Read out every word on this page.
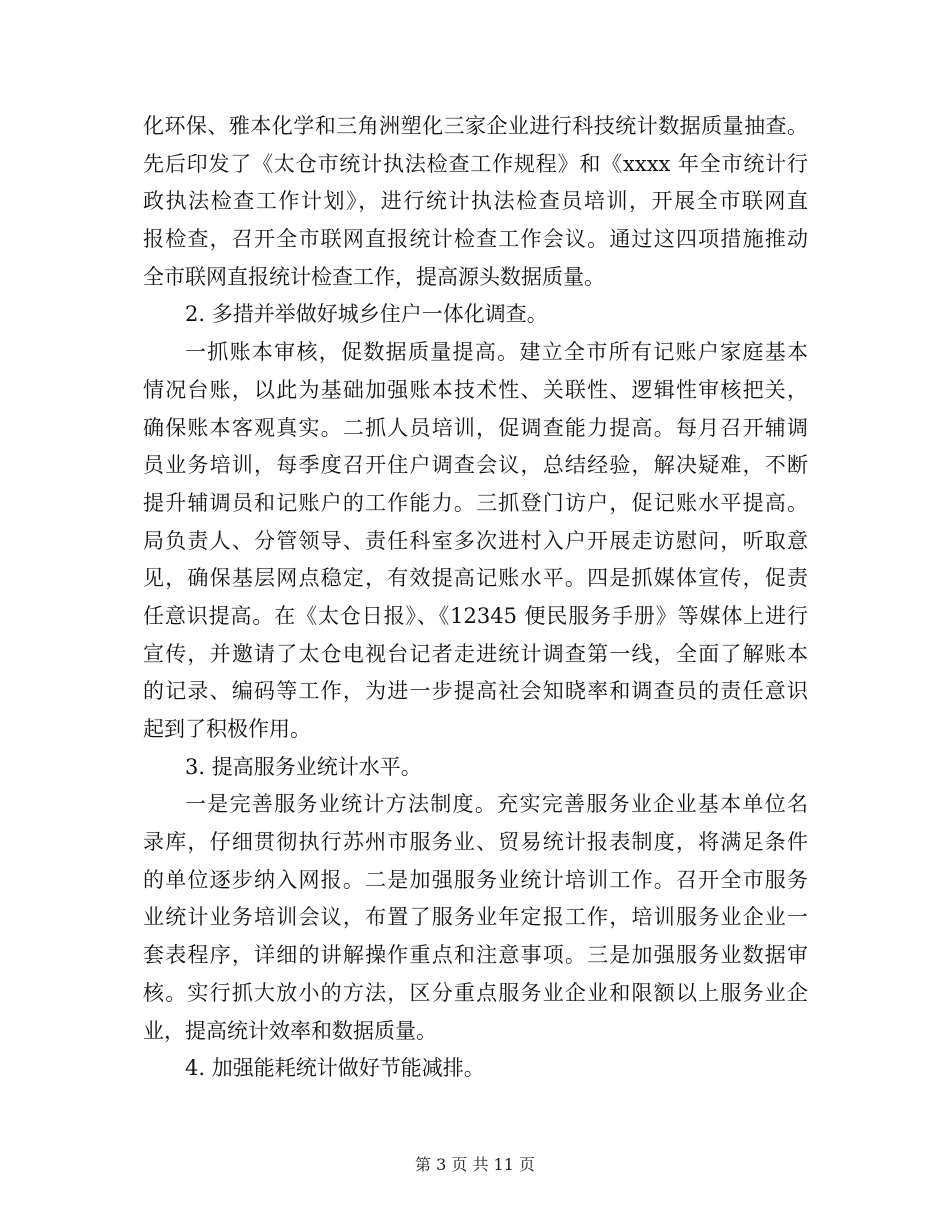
化环保、雅本化学和三角洲塑化三家企业进行科技统计数据质量抽查。
先后印发了《太仓市统计执法检查工作规程》和《xxxx 年全市统计行
政执法检查工作计划》，进行统计执法检查员培训，开展全市联网直
报检查，召开全市联网直报统计检查工作会议。通过这四项措施推动
全市联网直报统计检查工作，提高源头数据质量。
2. 多措并举做好城乡住户一体化调查。
一抓账本审核，促数据质量提高。建立全市所有记账户家庭基本
情况台账，以此为基础加强账本技术性、关联性、逻辑性审核把关，
确保账本客观真实。二抓人员培训，促调查能力提高。每月召开辅调
员业务培训，每季度召开住户调查会议，总结经验，解决疑难，不断
提升辅调员和记账户的工作能力。三抓登门访户，促记账水平提高。
局负责人、分管领导、责任科室多次进村入户开展走访慰问，听取意
见，确保基层网点稳定，有效提高记账水平。四是抓媒体宣传，促责
任意识提高。在《太仓日报》、《12345 便民服务手册》等媒体上进行
宣传，并邀请了太仓电视台记者走进统计调查第一线，全面了解账本
的记录、编码等工作，为进一步提高社会知晓率和调查员的责任意识
起到了积极作用。
3. 提高服务业统计水平。
一是完善服务业统计方法制度。充实完善服务业企业基本单位名
录库，仔细贯彻执行苏州市服务业、贸易统计报表制度，将满足条件
的单位逐步纳入网报。二是加强服务业统计培训工作。召开全市服务
业统计业务培训会议，布置了服务业年定报工作，培训服务业企业一
套表程序，详细的讲解操作重点和注意事项。三是加强服务业数据审
核。实行抓大放小的方法，区分重点服务业企业和限额以上服务业企
业，提高统计效率和数据质量。
4. 加强能耗统计做好节能减排。
第 3 页 共 11 页
